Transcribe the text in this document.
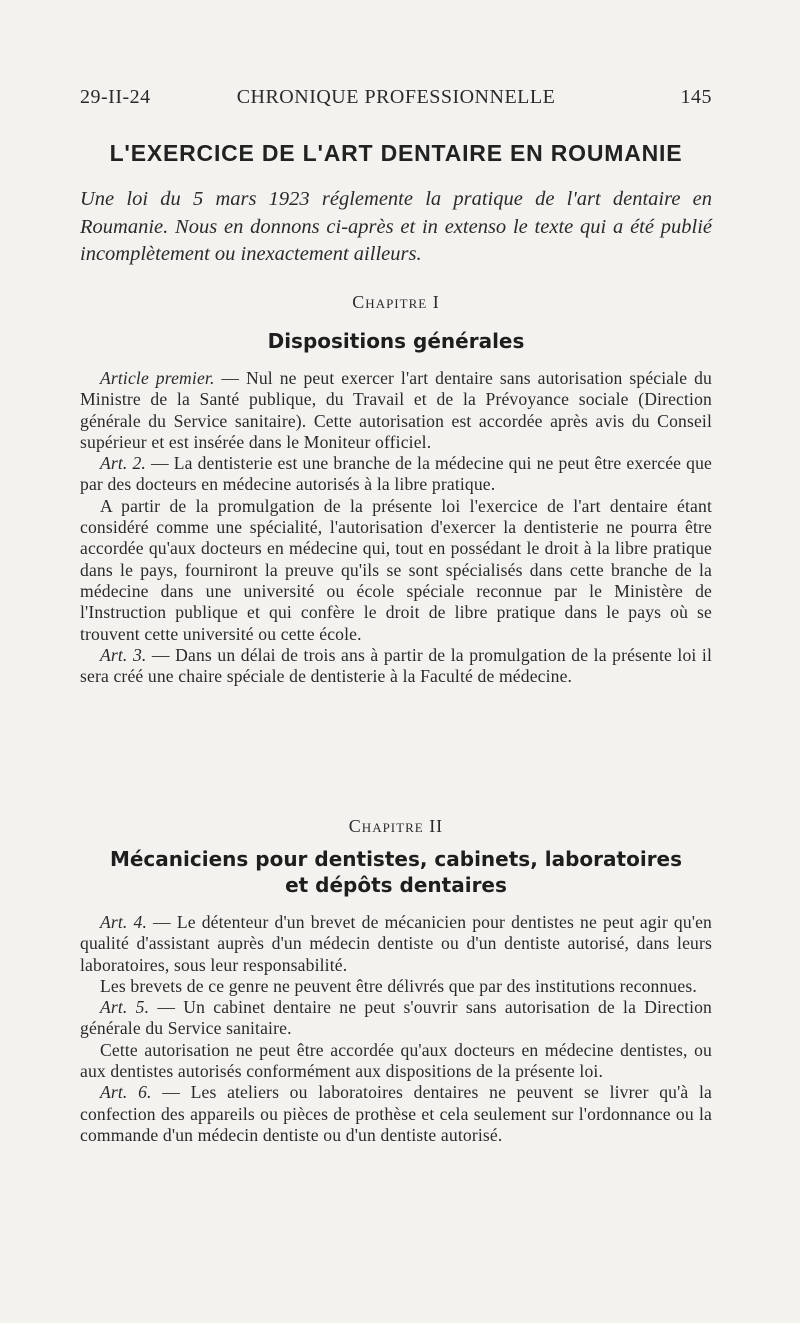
29-II-24	CHRONIQUE PROFESSIONNELLE	145
L'EXERCICE DE L'ART DENTAIRE EN ROUMANIE
Une loi du 5 mars 1923 réglemente la pratique de l'art dentaire en Roumanie. Nous en donnons ci-après et in extenso le texte qui a été publié incomplètement ou inexactement ailleurs.
Chapitre I
Dispositions générales

Article premier. — Nul ne peut exercer l'art dentaire sans autorisation spéciale du Ministre de la Santé publique, du Travail et de la Prévoyance sociale (Direction générale du Service sanitaire). Cette autorisation est accordée après avis du Conseil supérieur et est insérée dans le Moniteur officiel.

Art. 2. — La dentisterie est une branche de la médecine qui ne peut être exercée que par des docteurs en médecine autorisés à la libre pratique.

A partir de la promulgation de la présente loi l'exercice de l'art dentaire étant considéré comme une spécialité, l'autorisation d'exercer la dentisterie ne pourra être accordée qu'aux docteurs en médecine qui, tout en possédant le droit à la libre pratique dans le pays, fourniront la preuve qu'ils se sont spécialisés dans cette branche de la médecine dans une université ou école spéciale reconnue par le Ministère de l'Instruction publique et qui confère le droit de libre pratique dans le pays où se trouvent cette université ou cette école.

Art. 3. — Dans un délai de trois ans à partir de la promulgation de la présente loi il sera créé une chaire spéciale de dentisterie à la Faculté de médecine.

Chapitre II
Mécaniciens pour dentistes, cabinets, laboratoires
et dépôts dentaires

Art. 4. — Le détenteur d'un brevet de mécanicien pour dentistes ne peut agir qu'en qualité d'assistant auprès d'un médecin dentiste ou d'un dentiste autorisé, dans leurs laboratoires, sous leur responsabilité.

Les brevets de ce genre ne peuvent être délivrés que par des institutions reconnues.

Art. 5. — Un cabinet dentaire ne peut s'ouvrir sans autorisation de la Direction générale du Service sanitaire.

Cette autorisation ne peut être accordée qu'aux docteurs en médecine dentistes, ou aux dentistes autorisés conformément aux dispositions de la présente loi.

Art. 6. — Les ateliers ou laboratoires dentaires ne peuvent se livrer qu'à la confection des appareils ou pièces de prothèse et cela seulement sur l'ordonnance ou la commande d'un médecin dentiste ou d'un dentiste autorisé.
